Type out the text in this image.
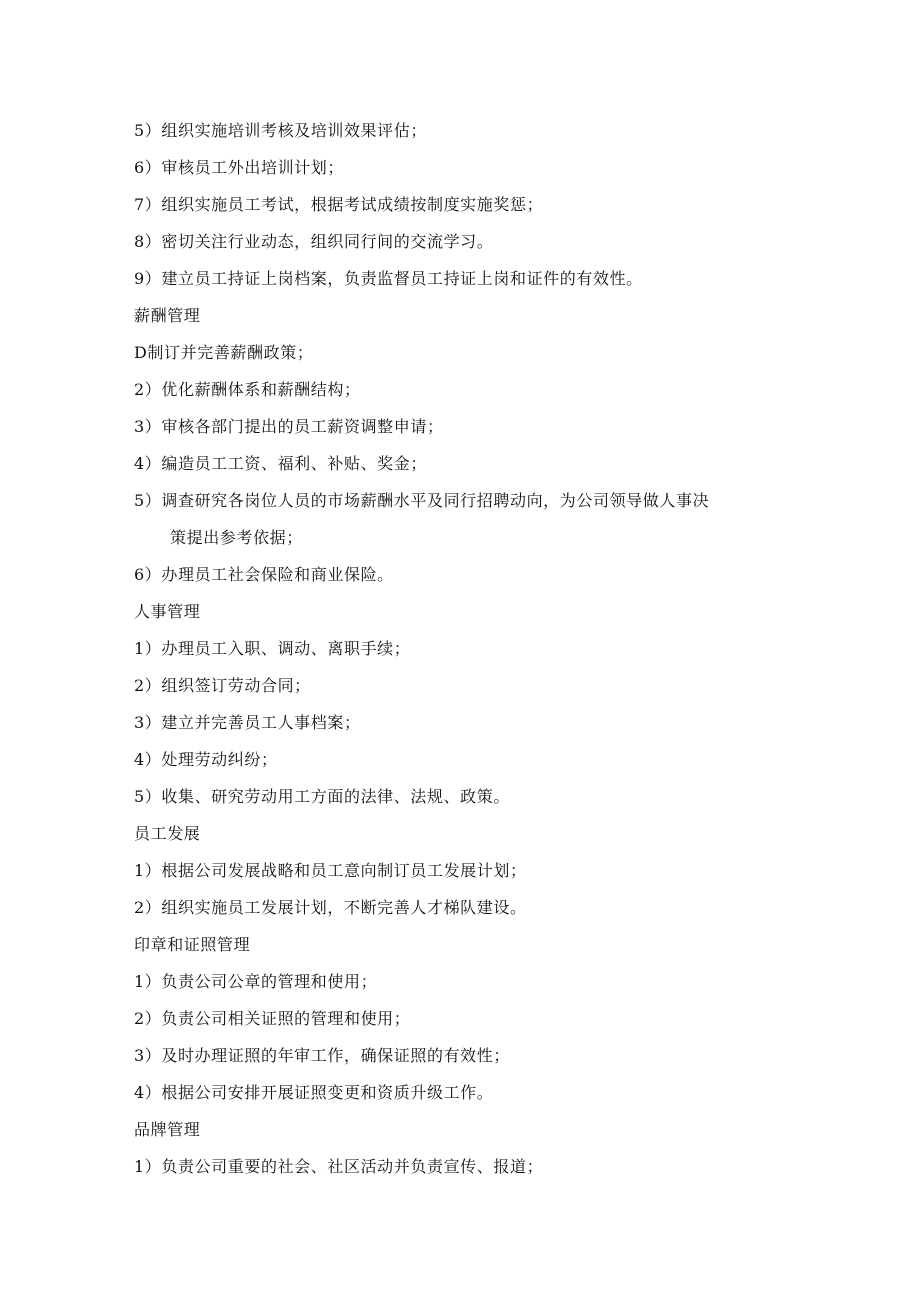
5）组织实施培训考核及培训效果评估；
6）审核员工外出培训计划；
7）组织实施员工考试，根据考试成绩按制度实施奖惩；
8）密切关注行业动态，组织同行间的交流学习。
9）建立员工持证上岗档案，负责监督员工持证上岗和证件的有效性。
薪酬管理
D制订并完善薪酬政策；
2）优化薪酬体系和薪酬结构；
3）审核各部门提出的员工薪资调整申请；
4）编造员工工资、福利、补贴、奖金；
5）调查研究各岗位人员的市场薪酬水平及同行招聘动向，为公司领导做人事决
策提出参考依据；
6）办理员工社会保险和商业保险。
人事管理
1）办理员工入职、调动、离职手续；
2）组织签订劳动合同；
3）建立并完善员工人事档案；
4）处理劳动纠纷；
5）收集、研究劳动用工方面的法律、法规、政策。
员工发展
1）根据公司发展战略和员工意向制订员工发展计划；
2）组织实施员工发展计划，不断完善人才梯队建设。
印章和证照管理
1）负责公司公章的管理和使用；
2）负责公司相关证照的管理和使用；
3）及时办理证照的年审工作，确保证照的有效性；
4）根据公司安排开展证照变更和资质升级工作。
品牌管理
1）负责公司重要的社会、社区活动并负责宣传、报道；
